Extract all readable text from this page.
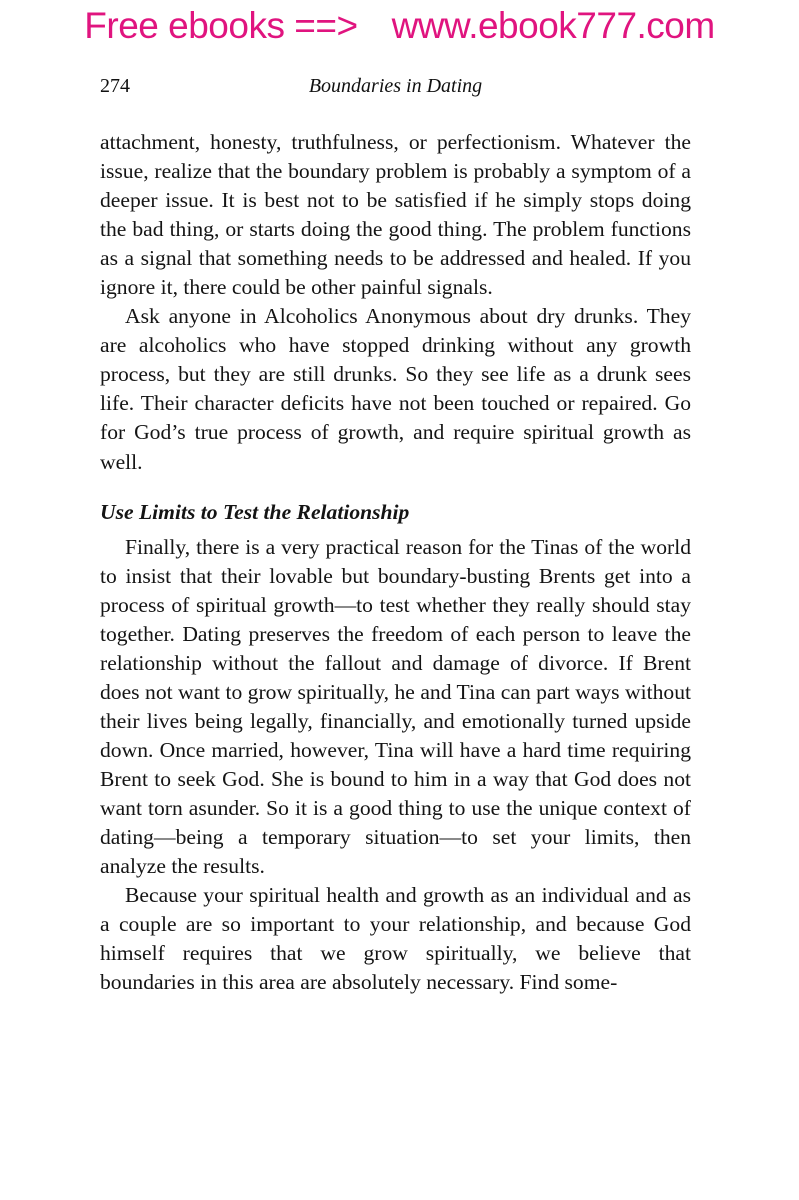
Free ebooks ==> www.ebook777.com
274	Boundaries in Dating

attachment, honesty, truthfulness, or perfectionism. Whatever the issue, realize that the boundary problem is probably a symptom of a deeper issue. It is best not to be satisfied if he simply stops doing the bad thing, or starts doing the good thing. The problem functions as a signal that something needs to be addressed and healed. If you ignore it, there could be other painful signals.

Ask anyone in Alcoholics Anonymous about dry drunks. They are alcoholics who have stopped drinking without any growth process, but they are still drunks. So they see life as a drunk sees life. Their character deficits have not been touched or repaired. Go for God’s true process of growth, and require spiritual growth as well.

Use Limits to Test the Relationship

Finally, there is a very practical reason for the Tinas of the world to insist that their lovable but boundary-busting Brents get into a process of spiritual growth—to test whether they really should stay together. Dating preserves the freedom of each person to leave the relationship without the fallout and damage of divorce. If Brent does not want to grow spiritually, he and Tina can part ways without their lives being legally, financially, and emotionally turned upside down. Once married, however, Tina will have a hard time requiring Brent to seek God. She is bound to him in a way that God does not want torn asunder. So it is a good thing to use the unique context of dating—being a temporary situation—to set your limits, then analyze the results.

Because your spiritual health and growth as an individual and as a couple are so important to your relationship, and because God himself requires that we grow spiritually, we believe that boundaries in this area are absolutely necessary. Find some-
